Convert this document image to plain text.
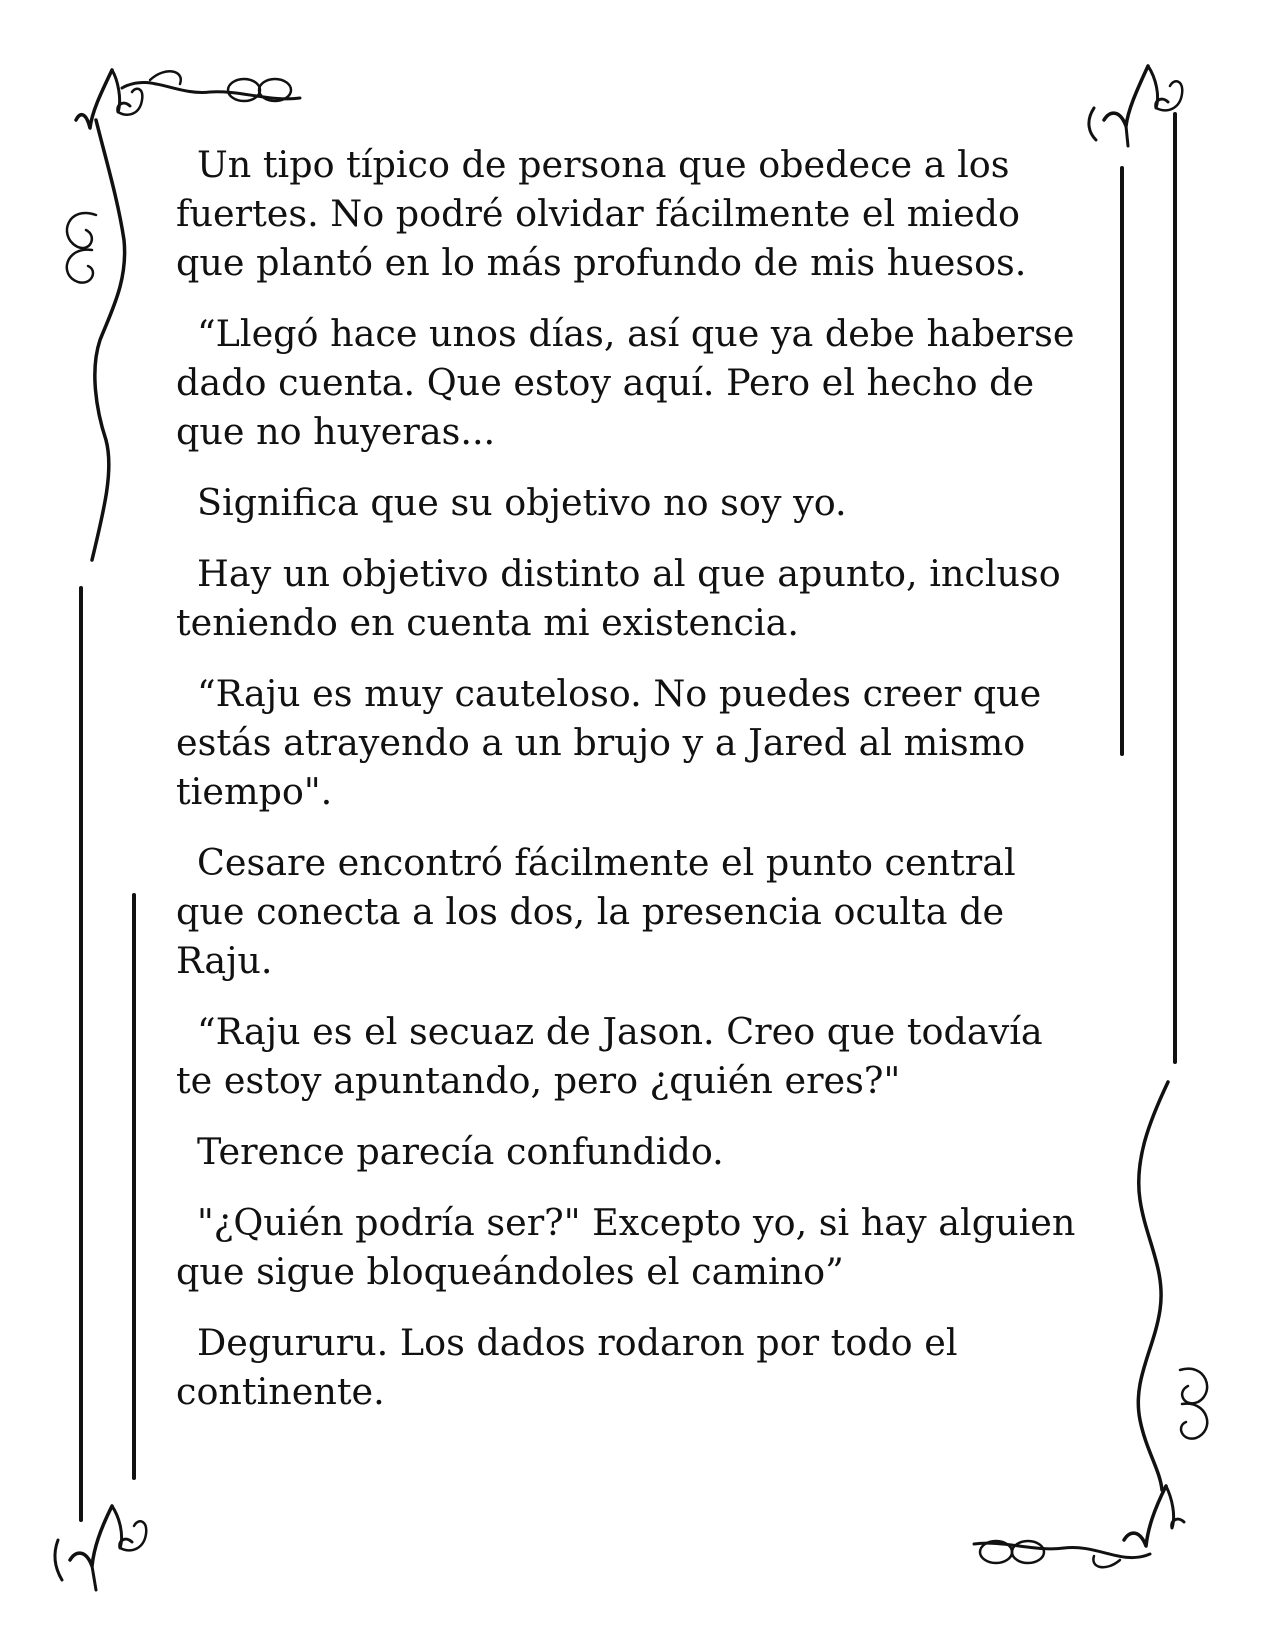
Un tipo típico de persona que obedece a los fuertes. No podré olvidar fácilmente el miedo que plantó en lo más profundo de mis huesos.

“Llegó hace unos días, así que ya debe haberse dado cuenta. Que estoy aquí. Pero el hecho de que no huyeras...

Significa que su objetivo no soy yo.

Hay un objetivo distinto al que apunto, incluso teniendo en cuenta mi existencia.

“Raju es muy cauteloso. No puedes creer que estás atrayendo a un brujo y a Jared al mismo tiempo".

Cesare encontró fácilmente el punto central que conecta a los dos, la presencia oculta de Raju.

“Raju es el secuaz de Jason. Creo que todavía te estoy apuntando, pero ¿quién eres?"

Terence parecía confundido.

"¿Quién podría ser?" Excepto yo, si hay alguien que sigue bloqueándoles el camino”

Degururu. Los dados rodaron por todo el continente.
